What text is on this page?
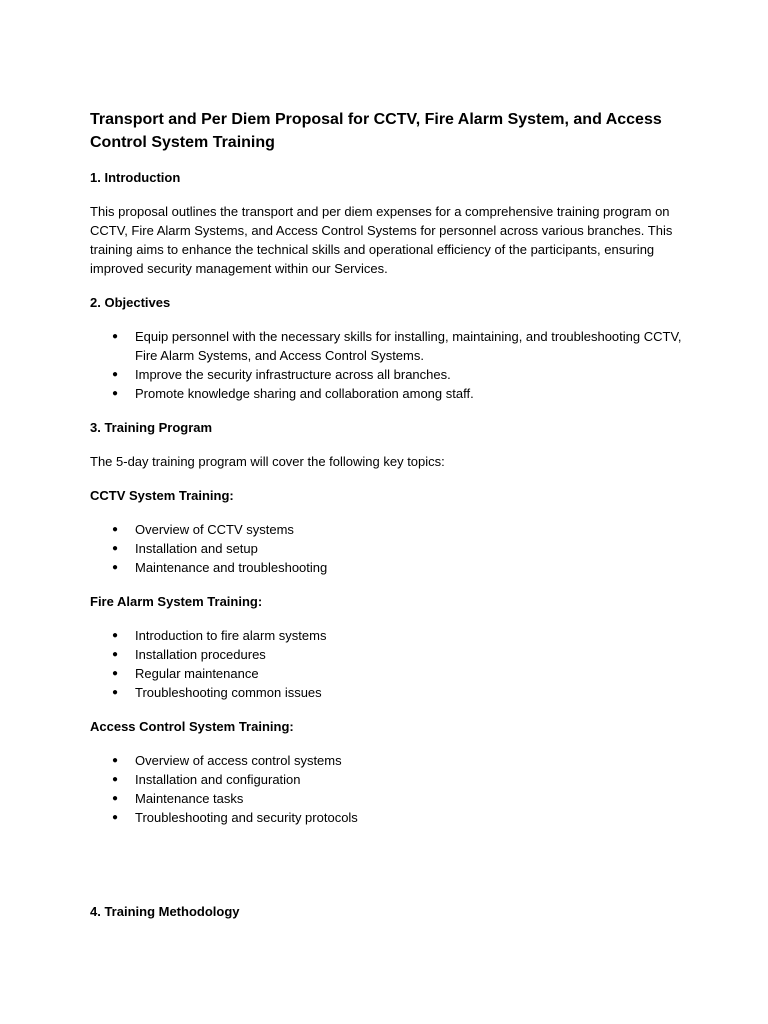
Transport and Per Diem Proposal for CCTV, Fire Alarm System, and Access Control System Training
1. Introduction
This proposal outlines the transport and per diem expenses for a comprehensive training program on CCTV, Fire Alarm Systems, and Access Control Systems for personnel across various branches. This training aims to enhance the technical skills and operational efficiency of the participants, ensuring improved security management within our Services.
2. Objectives
● Equip personnel with the necessary skills for installing, maintaining, and troubleshooting CCTV, Fire Alarm Systems, and Access Control Systems.
● Improve the security infrastructure across all branches.
● Promote knowledge sharing and collaboration among staff.
3. Training Program
The 5-day training program will cover the following key topics:
CCTV System Training:
● Overview of CCTV systems
● Installation and setup
● Maintenance and troubleshooting
Fire Alarm System Training:
● Introduction to fire alarm systems
● Installation procedures
● Regular maintenance
● Troubleshooting common issues
Access Control System Training:
● Overview of access control systems
● Installation and configuration
● Maintenance tasks
● Troubleshooting and security protocols
4. Training Methodology
